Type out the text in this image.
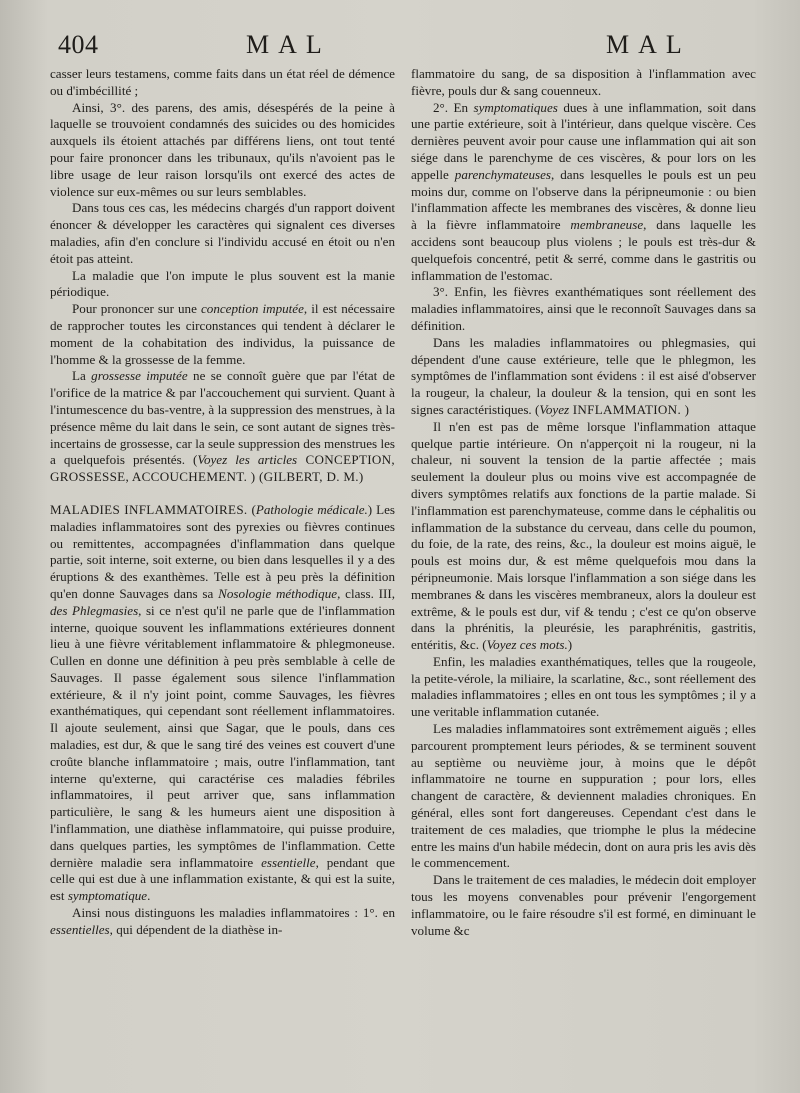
404	MAL	MAL

casser leurs testamens, comme faits dans un état réel de démence ou d'imbécillité ;

Ainsi, 3°. des parens, des amis, désespérés de la peine à laquelle se trouvoient condamnés des suicides ou des homicides auxquels ils étoient attachés par différens liens, ont tout tenté pour faire prononcer dans les tribunaux, qu'ils n'avoient pas le libre usage de leur raison lorsqu'ils ont exercé des actes de violence sur eux-mêmes ou sur leurs semblables.

Dans tous ces cas, les médecins chargés d'un rapport doivent énoncer & développer les caractères qui signalent ces diverses maladies, afin d'en conclure si l'individu accusé en étoit ou n'en étoit pas atteint.

La maladie que l'on impute le plus souvent est la manie périodique.

Pour prononcer sur une conception imputée, il est nécessaire de rapprocher toutes les circonstances qui tendent à déclarer le moment de la cohabitation des individus, la puissance de l'homme & la grossesse de la femme.

La grossesse imputée ne se connoît guère que par l'état de l'orifice de la matrice & par l'accouchement qui survient. Quant à l'intumescence du bas-ventre, à la suppression des menstrues, à la présence même du lait dans le sein, ce sont autant de signes très-incertains de grossesse, car la seule suppression des menstrues les a quelquefois présentés. (Voyez les articles CONCEPTION, GROSSESSE, ACCOUCHEMENT. ) (GILBERT, D. M.)

MALADIES INFLAMMATOIRES. (Pathologie médicale.) Les maladies inflammatoires sont des pyrexies ou fièvres continues ou remittentes, accompagnées d'inflammation dans quelque partie, soit interne, soit externe, ou bien dans lesquelles il y a des éruptions & des exanthèmes. Telle est à peu près la définition qu'en donne Sauvages dans sa Nosologie méthodique, class. III, des Phlegmasies, si ce n'est qu'il ne parle que de l'inflammation interne, quoique souvent les inflammations extérieures donnent lieu à une fièvre véritablement inflammatoire & phlegmoneuse. Cullen en donne une définition à peu près semblable à celle de Sauvages. Il passe également sous silence l'inflammation extérieure, & il n'y joint point, comme Sauvages, les fièvres exanthématiques, qui cependant sont réellement inflammatoires. Il ajoute seulement, ainsi que Sagar, que le pouls, dans ces maladies, est dur, & que le sang tiré des veines est couvert d'une croûte blanche inflammatoire ; mais, outre l'inflammation, tant interne qu'externe, qui caractérise ces maladies fébriles inflammatoires, il peut arriver que, sans inflammation particulière, le sang & les humeurs aient une disposition à l'inflammation, une diathèse inflammatoire, qui puisse produire, dans quelques parties, les symptômes de l'inflammation. Cette dernière maladie sera inflammatoire essentielle, pendant que celle qui est due à une inflammation existante, & qui est la suite, est symptomatique.

Ainsi nous distinguons les maladies inflammatoires : 1°. en essentielles, qui dépendent de la diathèse in-

flammatoire du sang, de sa disposition à l'inflammation avec fièvre, pouls dur & sang couenneux.

2°. En symptomatiques dues à une inflammation, soit dans une partie extérieure, soit à l'intérieur, dans quelque viscère. Ces dernières peuvent avoir pour cause une inflammation qui ait son siége dans le parenchyme de ces viscères, & pour lors on les appelle parenchymateuses, dans lesquelles le pouls est un peu moins dur, comme on l'observe dans la péripneumonie : ou bien l'inflammation affecte les membranes des viscères, & donne lieu à la fièvre inflammatoire membraneuse, dans laquelle les accidens sont beaucoup plus violens ; le pouls est très-dur & quelquefois concentré, petit & serré, comme dans le gastritis ou inflammation de l'estomac.

3°. Enfin, les fièvres exanthématiques sont réellement des maladies inflammatoires, ainsi que le reconnoît Sauvages dans sa définition.

Dans les maladies inflammatoires ou phlegmasies, qui dépendent d'une cause extérieure, telle que le phlegmon, les symptômes de l'inflammation sont évidens : il est aisé d'observer la rougeur, la chaleur, la douleur & la tension, qui en sont les signes caractéristiques. (Voyez INFLAMMATION. )

Il n'en est pas de même lorsque l'inflammation attaque quelque partie intérieure. On n'apperçoit ni la rougeur, ni la chaleur, ni souvent la tension de la partie affectée ; mais seulement la douleur plus ou moins vive est accompagnée de divers symptômes relatifs aux fonctions de la partie malade. Si l'inflammation est parenchymateuse, comme dans le céphalitis ou inflammation de la substance du cerveau, dans celle du poumon, du foie, de la rate, des reins, &c., la douleur est moins aiguë, le pouls est moins dur, & est même quelquefois mou dans la péripneumonie. Mais lorsque l'inflammation a son siége dans les membranes & dans les viscères membraneux, alors la douleur est extrême, & le pouls est dur, vif & tendu ; c'est ce qu'on observe dans la phrénitis, la pleurésie, les paraphrénitis, gastritis, entéritis, &c. (Voyez ces mots.)

Enfin, les maladies exanthématiques, telles que la rougeole, la petite-vérole, la miliaire, la scarlatine, &c., sont réellement des maladies inflammatoires ; elles en ont tous les symptômes ; il y a une veritable inflammation cutanée.

Les maladies inflammatoires sont extrêmement aiguës ; elles parcourent promptement leurs périodes, & se terminent souvent au septième ou neuvième jour, à moins que le dépôt inflammatoire ne tourne en suppuration ; pour lors, elles changent de caractère, & deviennent maladies chroniques. En général, elles sont fort dangereuses. Cependant c'est dans le traitement de ces maladies, que triomphe le plus la médecine entre les mains d'un habile médecin, dont on aura pris les avis dès le commencement.

Dans le traitement de ces maladies, le médecin doit employer tous les moyens convenables pour prévenir l'engorgement inflammatoire, ou le faire résoudre s'il est formé, en diminuant le volume &c
